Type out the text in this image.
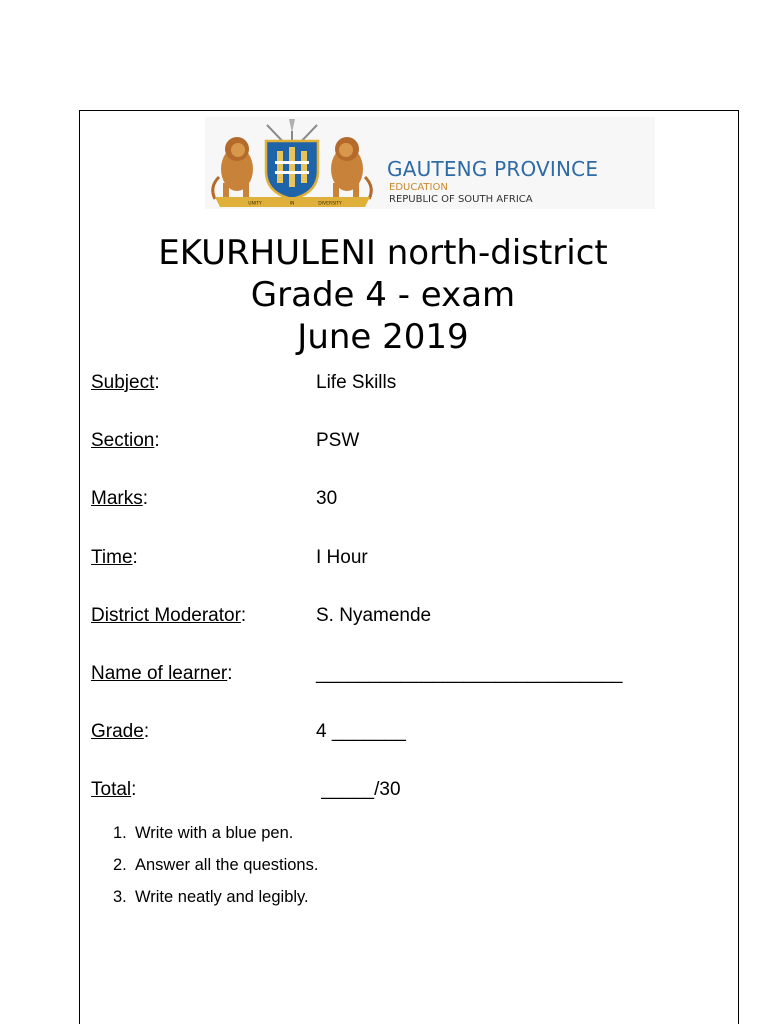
UNITY	IN	DIVERSITY
GAUTENG PROVINCE
EDUCATION
REPUBLIC OF SOUTH AFRICA
EKURHULENI north-district
Grade 4 - exam
June 2019
Subject:	Life Skills
Section:	PSW
Marks:	30
Time:	I Hour
District Moderator:	S. Nyamende
Name of learner:	_____________________________
Grade:	4 _______
Total:	_____/30
1. Write with a blue pen.
2. Answer all the questions.
3. Write neatly and legibly.
